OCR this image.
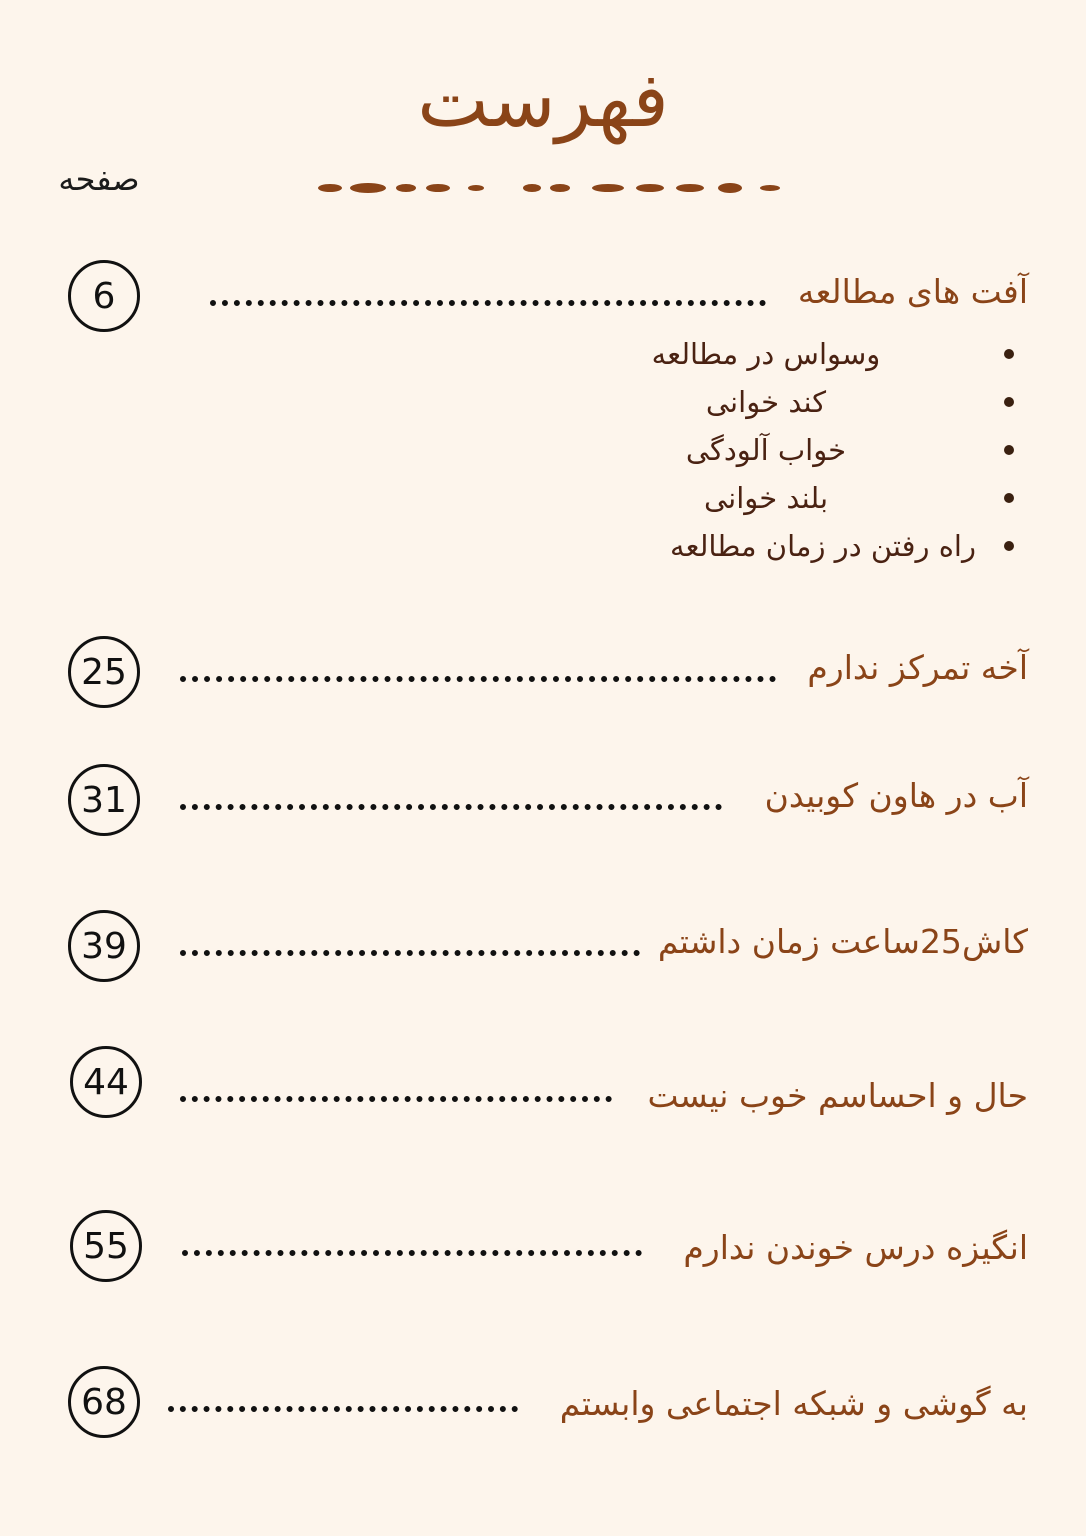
فهرست
صفحه
6	آفت های مطالعه
وسواس در مطالعه
کند خوانی
خواب آلودگی
بلند خوانی
راه رفتن در زمان مطالعه
25	آخه تمرکز ندارم
31	آب در هاون کوبیدن
39	کاش25ساعت زمان داشتم
44	حال و احساسم خوب نیست
55	انگیزه درس خوندن ندارم
68	به گوشی و شبکه اجتماعی وابستم
